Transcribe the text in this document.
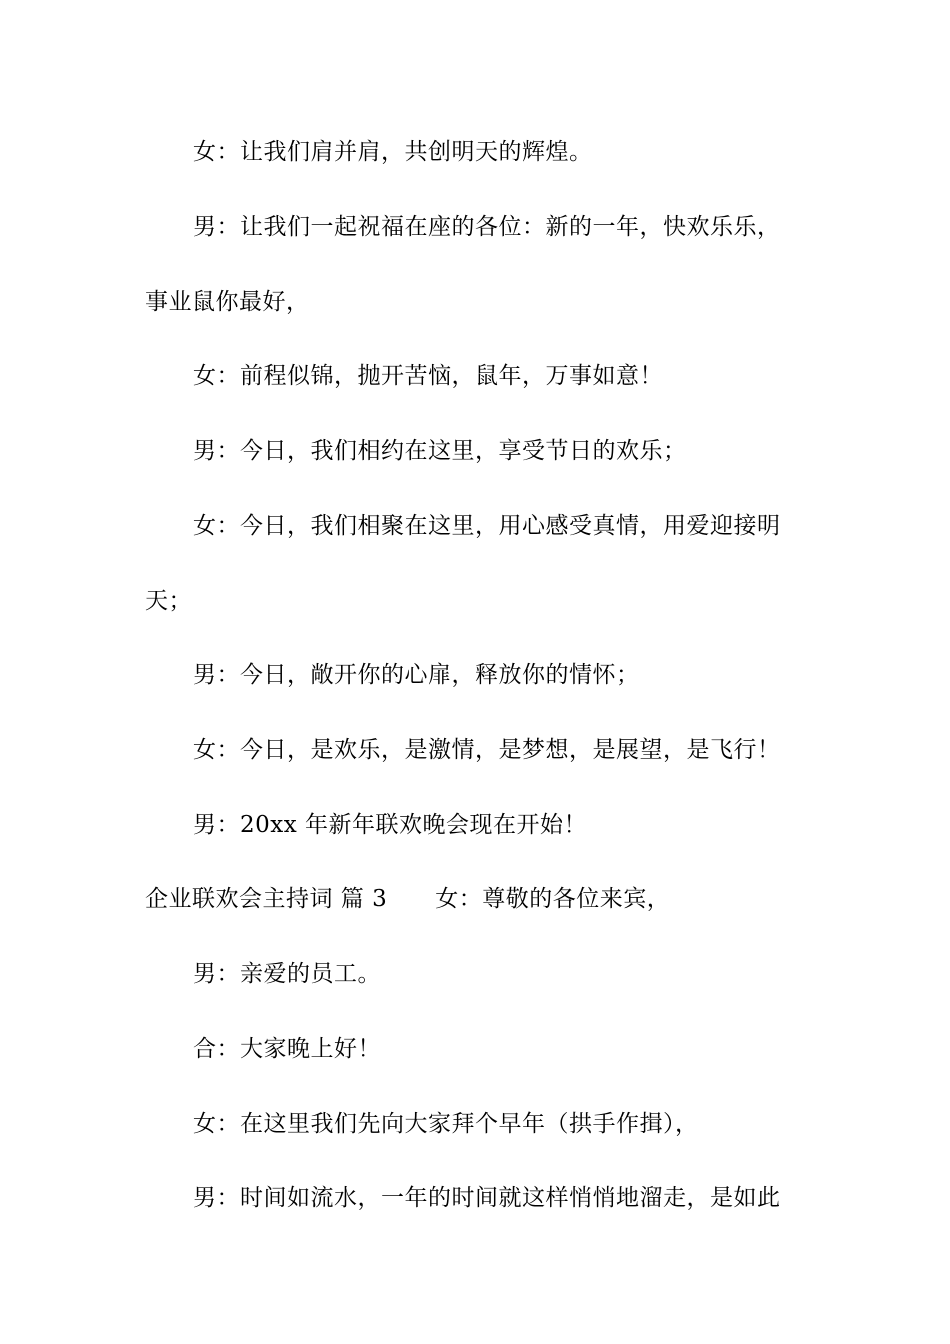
女：让我们肩并肩，共创明天的辉煌。
男：让我们一起祝福在座的各位：新的一年，快欢乐乐，
事业鼠你最好，
女：前程似锦，抛开苦恼，鼠年，万事如意！
男：今日，我们相约在这里，享受节日的欢乐；
女：今日，我们相聚在这里，用心感受真情，用爱迎接明
天；
男：今日，敞开你的心扉，释放你的情怀；
女：今日，是欢乐，是激情，是梦想，是展望，是飞行！
男：20xx 年新年联欢晚会现在开始！
企业联欢会主持词 篇 3 女：尊敬的各位来宾，
男：亲爱的员工。
合：大家晚上好！
女：在这里我们先向大家拜个早年（拱手作揖），
男：时间如流水，一年的时间就这样悄悄地溜走，是如此
